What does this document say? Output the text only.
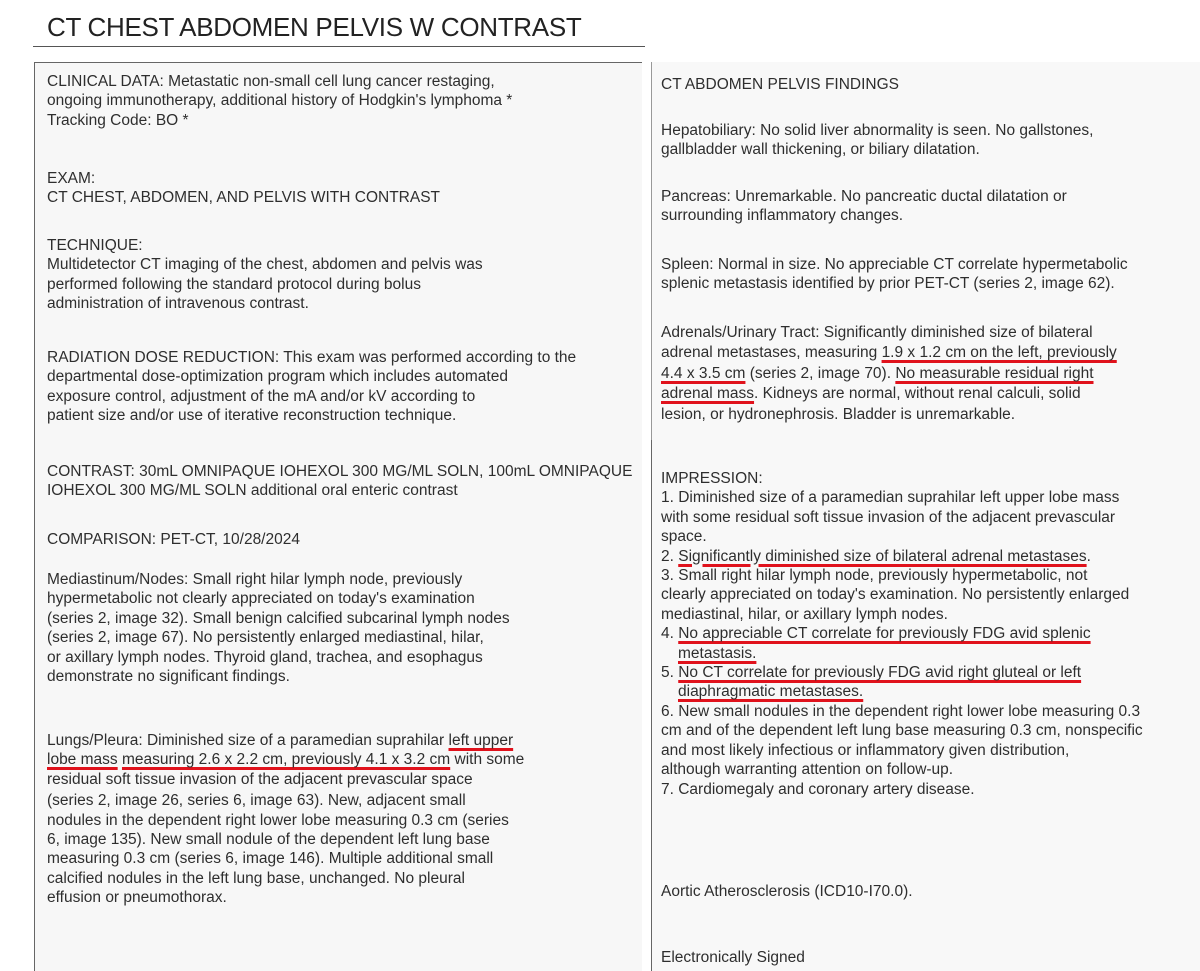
CT CHEST ABDOMEN PELVIS W CONTRAST
CLINICAL DATA: Metastatic non-small cell lung cancer restaging,
ongoing immunotherapy, additional history of Hodgkin's lymphoma *
Tracking Code: BO *
EXAM:
CT CHEST, ABDOMEN, AND PELVIS WITH CONTRAST
TECHNIQUE:
Multidetector CT imaging of the chest, abdomen and pelvis was
performed following the standard protocol during bolus
administration of intravenous contrast.
RADIATION DOSE REDUCTION: This exam was performed according to the
departmental dose-optimization program which includes automated
exposure control, adjustment of the mA and/or kV according to
patient size and/or use of iterative reconstruction technique.
CONTRAST: 30mL OMNIPAQUE IOHEXOL 300 MG/ML SOLN, 100mL OMNIPAQUE
IOHEXOL 300 MG/ML SOLN additional oral enteric contrast
COMPARISON: PET-CT, 10/28/2024
Mediastinum/Nodes: Small right hilar lymph node, previously
hypermetabolic not clearly appreciated on today's examination
(series 2, image 32). Small benign calcified subcarinal lymph nodes
(series 2, image 67). No persistently enlarged mediastinal, hilar,
or axillary lymph nodes. Thyroid gland, trachea, and esophagus
demonstrate no significant findings.
Lungs/Pleura: Diminished size of a paramedian suprahilar left upper
lobe mass measuring 2.6 x 2.2 cm, previously 4.1 x 3.2 cm with some
residual soft tissue invasion of the adjacent prevascular space
(series 2, image 26, series 6, image 63). New, adjacent small
nodules in the dependent right lower lobe measuring 0.3 cm (series
6, image 135). New small nodule of the dependent left lung base
measuring 0.3 cm (series 6, image 146). Multiple additional small
calcified nodules in the left lung base, unchanged. No pleural
effusion or pneumothorax.
CT ABDOMEN PELVIS FINDINGS
Hepatobiliary: No solid liver abnormality is seen. No gallstones,
gallbladder wall thickening, or biliary dilatation.
Pancreas: Unremarkable. No pancreatic ductal dilatation or
surrounding inflammatory changes.
Spleen: Normal in size. No appreciable CT correlate hypermetabolic
splenic metastasis identified by prior PET-CT (series 2, image 62).
Adrenals/Urinary Tract: Significantly diminished size of bilateral
adrenal metastases, measuring 1.9 x 1.2 cm on the left, previously
4.4 x 3.5 cm (series 2, image 70). No measurable residual right
adrenal mass. Kidneys are normal, without renal calculi, solid
lesion, or hydronephrosis. Bladder is unremarkable.
IMPRESSION:
1. Diminished size of a paramedian suprahilar left upper lobe mass
with some residual soft tissue invasion of the adjacent prevascular
space.
2. Significantly diminished size of bilateral adrenal metastases.
3. Small right hilar lymph node, previously hypermetabolic, not
clearly appreciated on today's examination. No persistently enlarged
mediastinal, hilar, or axillary lymph nodes.
4. No appreciable CT correlate for previously FDG avid splenic
metastasis.
5. No CT correlate for previously FDG avid right gluteal or left
diaphragmatic metastases.
6. New small nodules in the dependent right lower lobe measuring 0.3
cm and of the dependent left lung base measuring 0.3 cm, nonspecific
and most likely infectious or inflammatory given distribution,
although warranting attention on follow-up.
7. Cardiomegaly and coronary artery disease.
Aortic Atherosclerosis (ICD10-I70.0).
Electronically Signed
